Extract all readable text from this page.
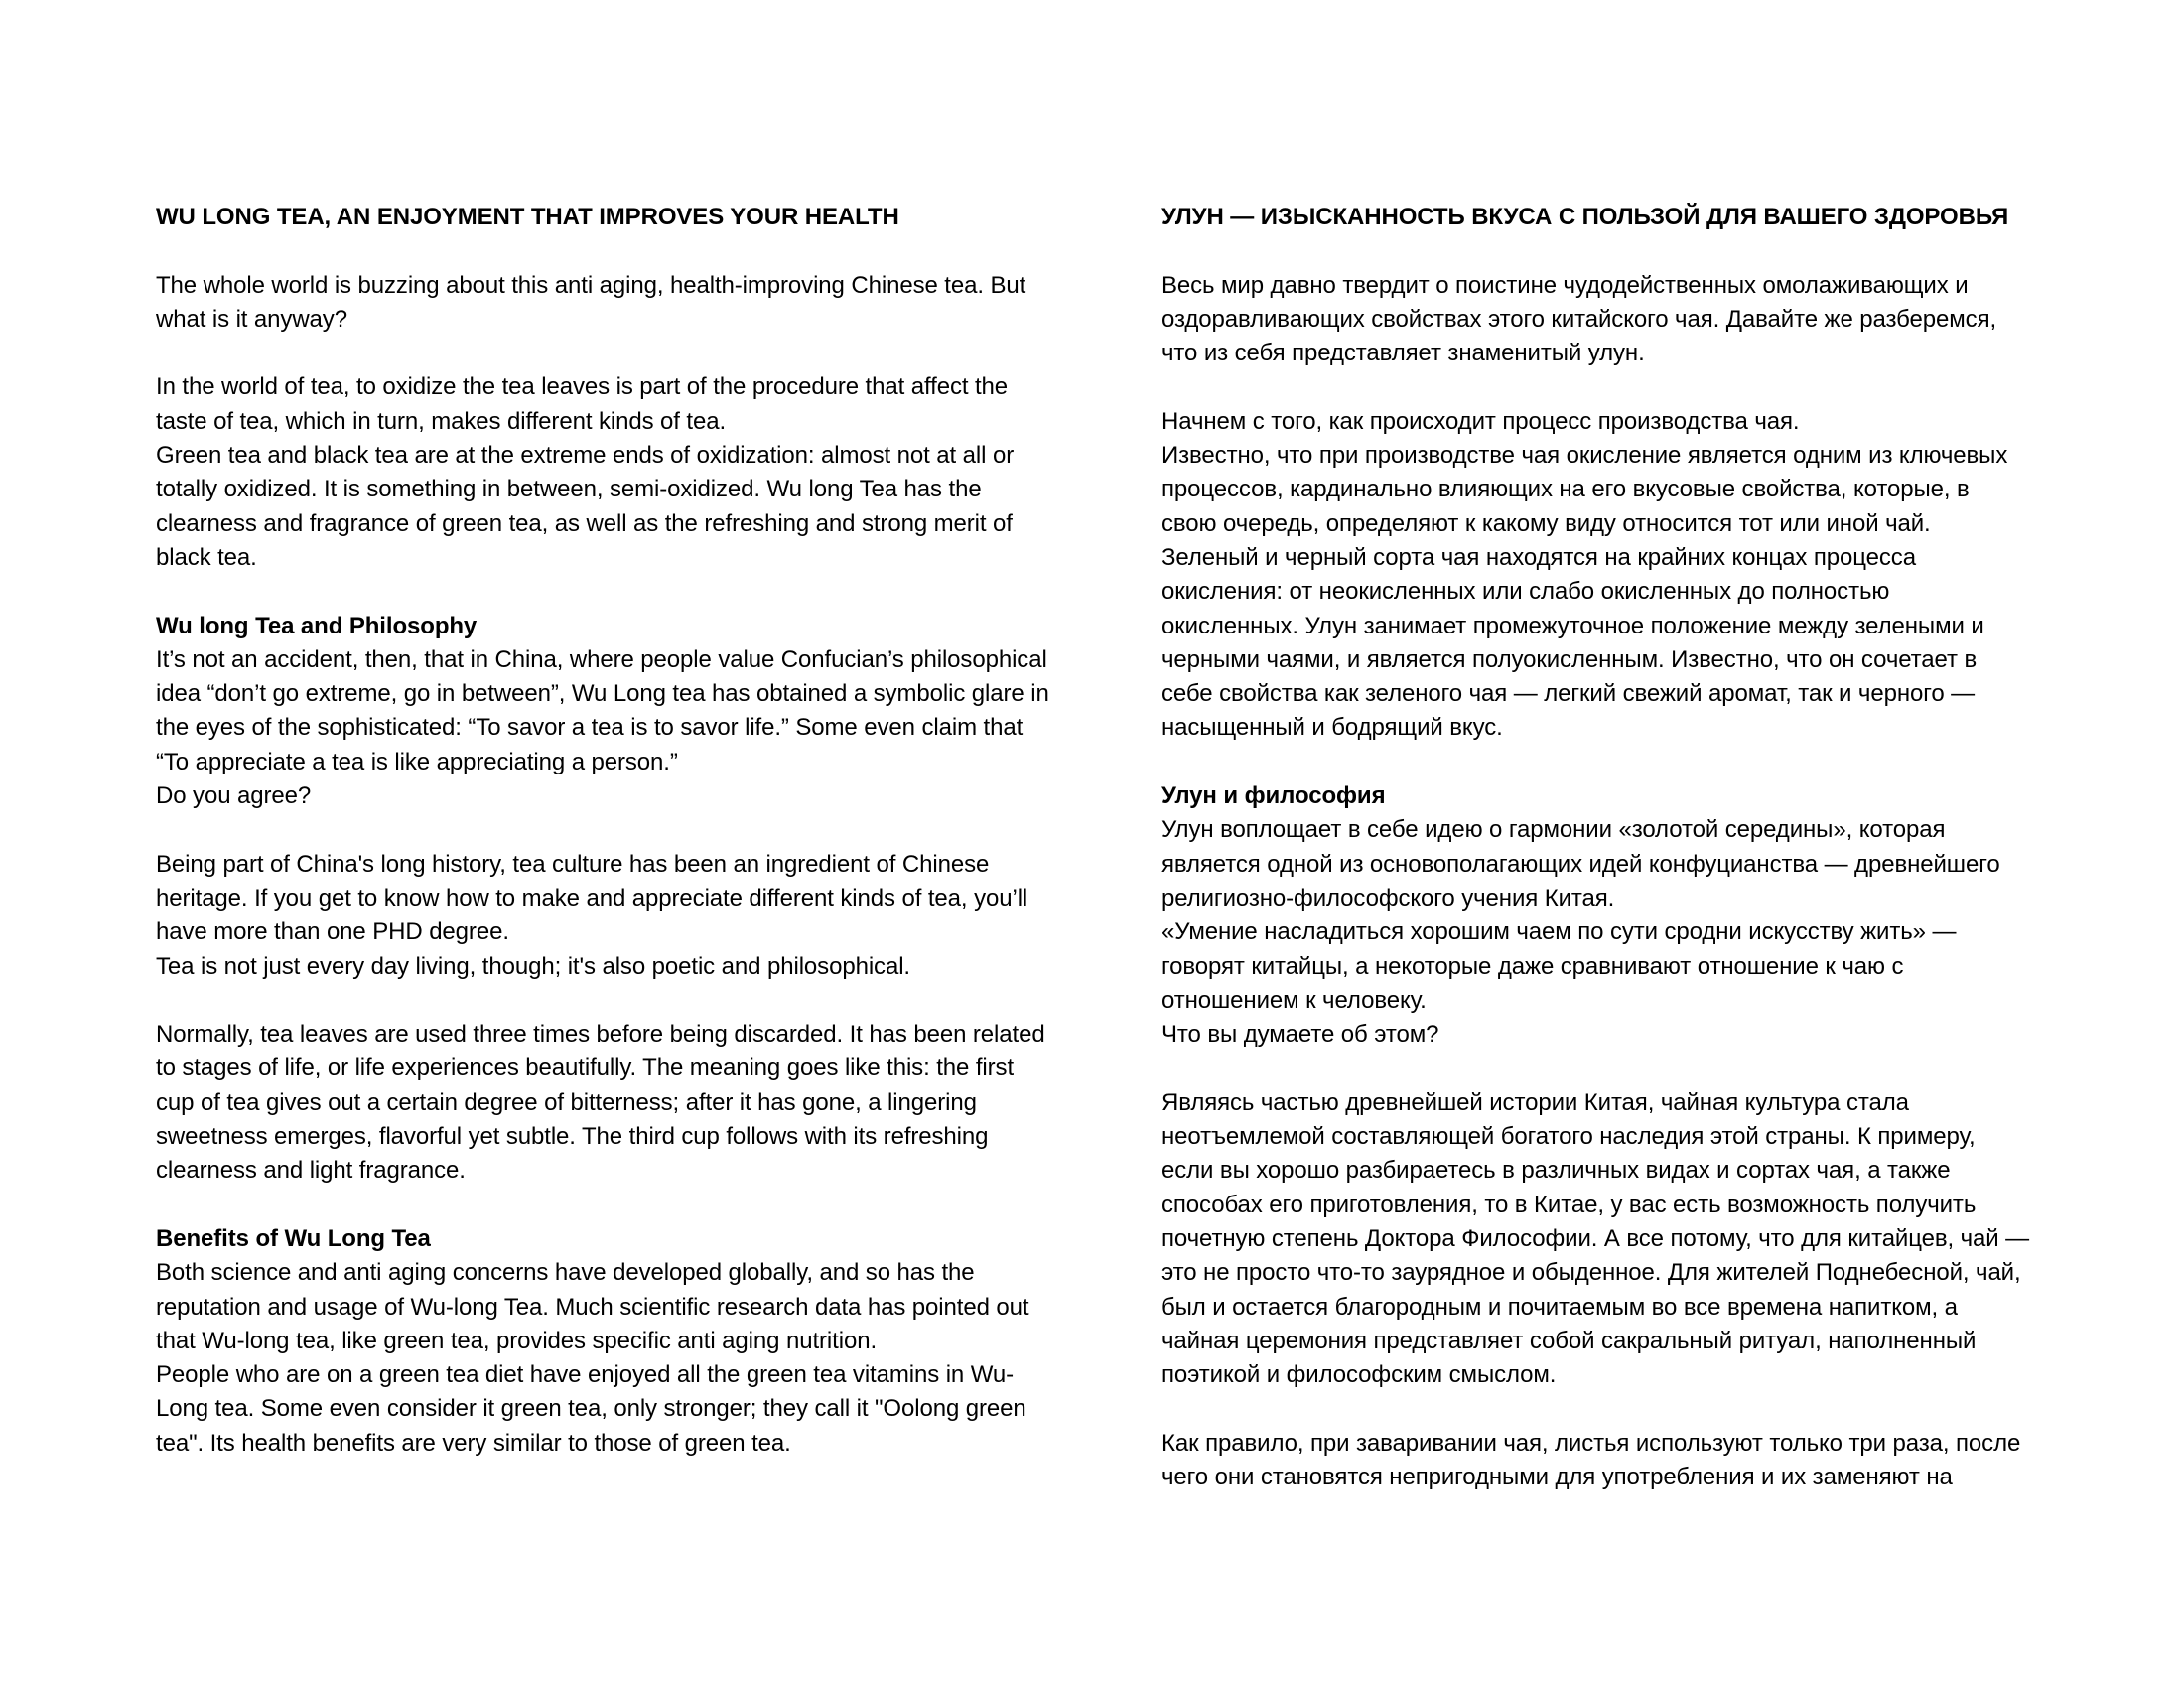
WU LONG TEA, AN ENJOYMENT THAT IMPROVES YOUR HEALTH
The whole world is buzzing about this anti aging, health-improving Chinese tea. But
what is it anyway?
In the world of tea, to oxidize the tea leaves is part of the procedure that affect the
taste of tea, which in turn, makes different kinds of tea.
Green tea and black tea are at the extreme ends of oxidization: almost not at all or
totally oxidized. It is something in between, semi-oxidized. Wu long Tea has the
clearness and fragrance of green tea, as well as the refreshing and strong merit of
black tea.
Wu long Tea and Philosophy
It’s not an accident, then, that in China, where people value Confucian’s philosophical
idea “don’t go extreme, go in between”, Wu Long tea has obtained a symbolic glare in
the eyes of the sophisticated: “To savor a tea is to savor life.” Some even claim that
“To appreciate a tea is like appreciating a person.”
Do you agree?
Being part of China's long history, tea culture has been an ingredient of Chinese
heritage. If you get to know how to make and appreciate different kinds of tea, you’ll
have more than one PHD degree.
Tea is not just every day living, though; it's also poetic and philosophical.
Normally, tea leaves are used three times before being discarded. It has been related
to stages of life, or life experiences beautifully. The meaning goes like this: the first
cup of tea gives out a certain degree of bitterness; after it has gone, a lingering
sweetness emerges, flavorful yet subtle. The third cup follows with its refreshing
clearness and light fragrance.
Benefits of Wu Long Tea
Both science and anti aging concerns have developed globally, and so has the
reputation and usage of Wu-long Tea. Much scientific research data has pointed out
that Wu-long tea, like green tea, provides specific anti aging nutrition.
People who are on a green tea diet have enjoyed all the green tea vitamins in Wu-
Long tea. Some even consider it green tea, only stronger; they call it "Oolong green
tea". Its health benefits are very similar to those of green tea.
УЛУН — ИЗЫСКАННОСТЬ ВКУСА С ПОЛЬЗОЙ ДЛЯ ВАШЕГО ЗДОРОВЬЯ
Весь мир давно твердит о поистине чудодейственных омолаживающих и
оздоравливающих свойствах этого китайского чая. Давайте же разберемся,
что из себя представляет знаменитый улун.
Начнем с того, как происходит процесс производства чая.
Известно, что при производстве чая окисление является одним из ключевых
процессов, кардинально влияющих на его вкусовые свойства, которые, в
свою очередь, определяют к какому виду относится тот или иной чай.
Зеленый и черный сорта чая находятся на крайних концах процесса
окисления: от неокисленных или слабо окисленных до полностью
окисленных. Улун занимает промежуточное положение между зелеными и
черными чаями, и является полуокисленным. Известно, что он сочетает в
себе свойства как зеленого чая — легкий свежий аромат, так и черного —
насыщенный и бодрящий вкус.
Улун и философия
Улун воплощает в себе идею о гармонии «золотой середины», которая
является одной из основополагающих идей конфуцианства — древнейшего
религиозно-философского учения Китая.
«Умение насладиться хорошим чаем по сути сродни искусству жить» —
говорят китайцы, а некоторые даже сравнивают отношение к чаю с
отношением к человеку.
Что вы думаете об этом?
Являясь частью древнейшей истории Китая, чайная культура стала
неотъемлемой составляющей богатого наследия этой страны. К примеру,
если вы хорошо разбираетесь в различных видах и сортах чая, а также
способах его приготовления, то в Китае, у вас есть возможность получить
почетную степень Доктора Философии. А все потому, что для китайцев, чай —
это не просто что-то заурядное и обыденное. Для жителей Поднебесной, чай,
был и остается благородным и почитаемым во все времена напитком, а
чайная церемония представляет собой сакральный ритуал, наполненный
поэтикой и философским смыслом.
Как правило, при заваривании чая, листья используют только три раза, после
чего они становятся непригодными для употребления и их заменяют на
